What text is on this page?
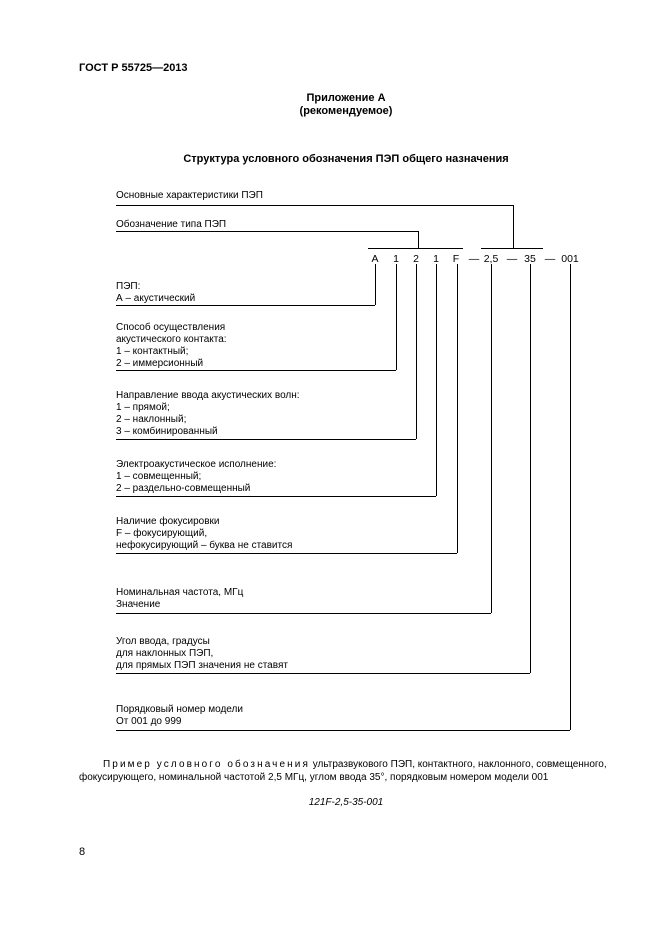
ГОСТ Р 55725—2013
Приложение А
(рекомендуемое)
Структура условного обозначения ПЭП общего назначения
Основные характеристики ПЭП
Обозначение типа ПЭП
A 1 2 1 F — 2,5 — 35 — 001
ПЭП:
А – акустический
Способ осуществления
акустического контакта:
1 – контактный;
2 – иммерсионный
Направление ввода акустических волн:
1 – прямой;
2 – наклонный;
3 – комбинированный
Электроакустическое исполнение:
1 – совмещенный;
2 – раздельно-совмещенный
Наличие фокусировки
F – фокусирующий,
нефокусирующий – буква не ставится
Номинальная частота, МГц
Значение
Угол ввода, градусы
для наклонных ПЭП,
для прямых ПЭП значения не ставят
Порядковый номер модели
От 001 до 999
Пример условного обозначения ультразвукового ПЭП, контактного, наклонного, совмещенного,
фокусирующего, номинальной частотой 2,5 МГц, углом ввода 35°, порядковым номером модели 001
121F-2,5-35-001
8
